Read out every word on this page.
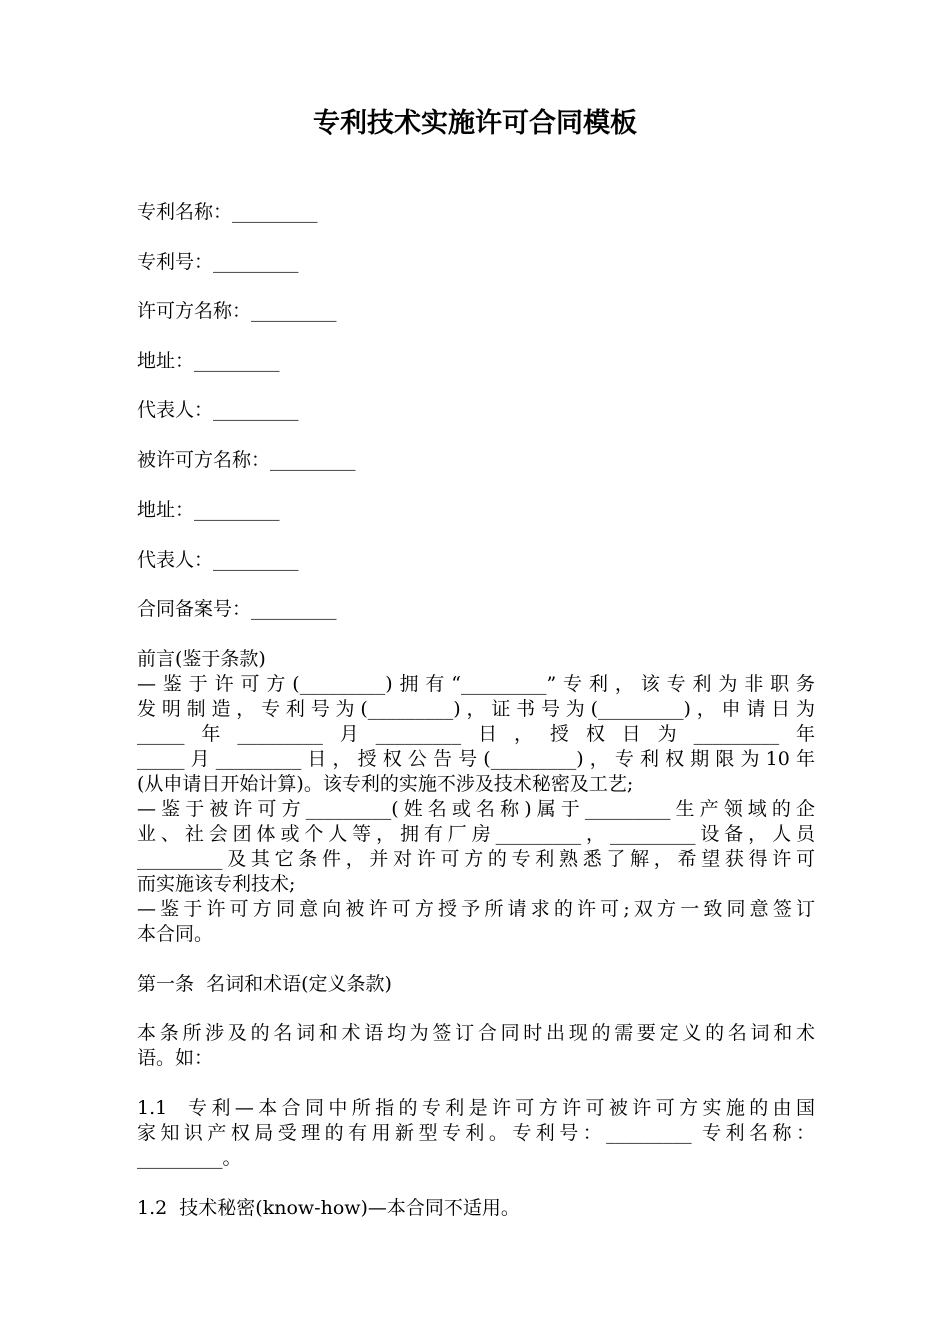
专利技术实施许可合同模板
专利名称：_________
专利号：_________
许可方名称：_________
地址：_________
代表人：_________
被许可方名称：_________
地址：_________
代表人：_________
合同备案号：_________
前言(鉴于条款)
—鉴于许可方(_________)拥有“_________”专利，该专利为非职务
发明制造，专利号为(_________)，证书号为(_________)，申请日为
_____年_________月_________日，授权日为_________年
_____月_________日，授权公告号(_________)，专利权期限为10年
(从申请日开始计算)。该专利的实施不涉及技术秘密及工艺;
—鉴于被许可方_________(姓名或名称)属于_________生产领域的企
业、社会团体或个人等，拥有厂房_________，_________设备，人员
_________及其它条件，并对许可方的专利熟悉了解，希望获得许可
而实施该专利技术;
—鉴于许可方同意向被许可方授予所请求的许可;双方一致同意签订
本合同。
第一条  名词和术语(定义条款)
本条所涉及的名词和术语均为签订合同时出现的需要定义的名词和术
语。如：
1.1  专利—本合同中所指的专利是许可方许可被许可方实施的由国
家知识产权局受理的有用新型专利。专利号：_________ 专利名称：
_________。
1.2  技术秘密(know-how)—本合同不适用。
